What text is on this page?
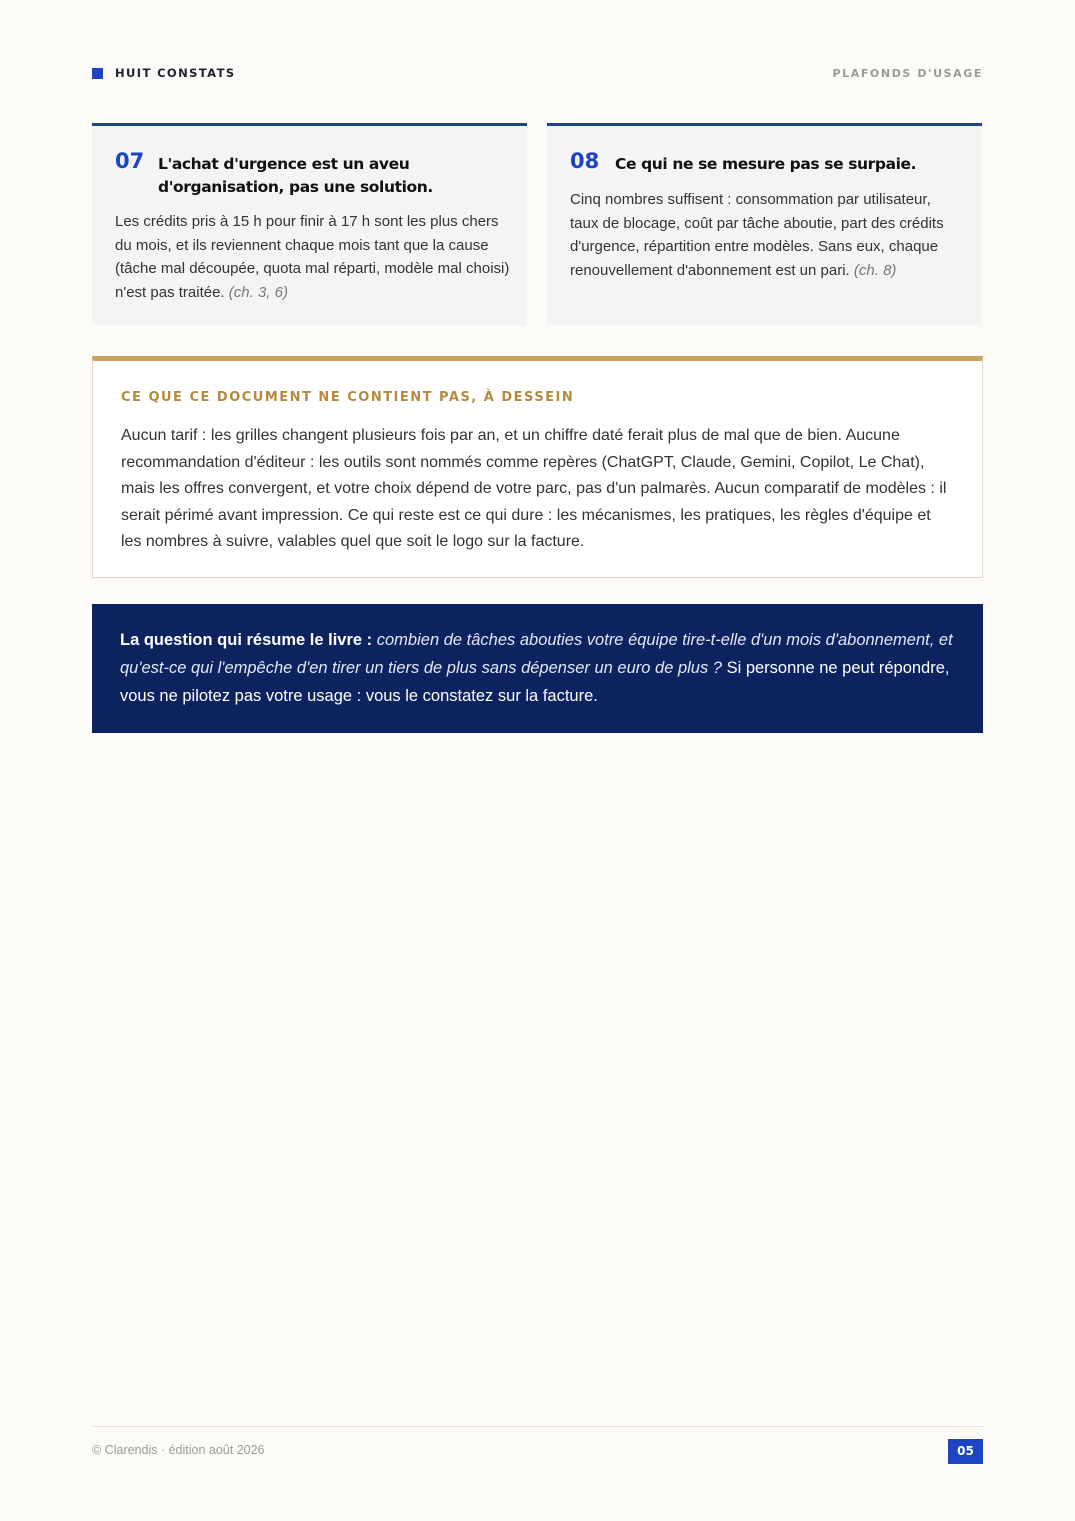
HUIT CONSTATS	PLAFONDS D'USAGE
07 L'achat d'urgence est un aveu d'organisation, pas une solution.
Les crédits pris à 15 h pour finir à 17 h sont les plus chers du mois, et ils reviennent chaque mois tant que la cause (tâche mal découpée, quota mal réparti, modèle mal choisi) n'est pas traitée. (ch. 3, 6)
08 Ce qui ne se mesure pas se surpaie.
Cinq nombres suffisent : consommation par utilisateur, taux de blocage, coût par tâche aboutie, part des crédits d'urgence, répartition entre modèles. Sans eux, chaque renouvellement d'abonnement est un pari. (ch. 8)
CE QUE CE DOCUMENT NE CONTIENT PAS, À DESSEIN
Aucun tarif : les grilles changent plusieurs fois par an, et un chiffre daté ferait plus de mal que de bien. Aucune recommandation d'éditeur : les outils sont nommés comme repères (ChatGPT, Claude, Gemini, Copilot, Le Chat), mais les offres convergent, et votre choix dépend de votre parc, pas d'un palmarès. Aucun comparatif de modèles : il serait périmé avant impression. Ce qui reste est ce qui dure : les mécanismes, les pratiques, les règles d'équipe et les nombres à suivre, valables quel que soit le logo sur la facture.
La question qui résume le livre : combien de tâches abouties votre équipe tire-t-elle d'un mois d'abonnement, et qu'est-ce qui l'empêche d'en tirer un tiers de plus sans dépenser un euro de plus ? Si personne ne peut répondre, vous ne pilotez pas votre usage : vous le constatez sur la facture.
© Clarendis · édition août 2026	05
